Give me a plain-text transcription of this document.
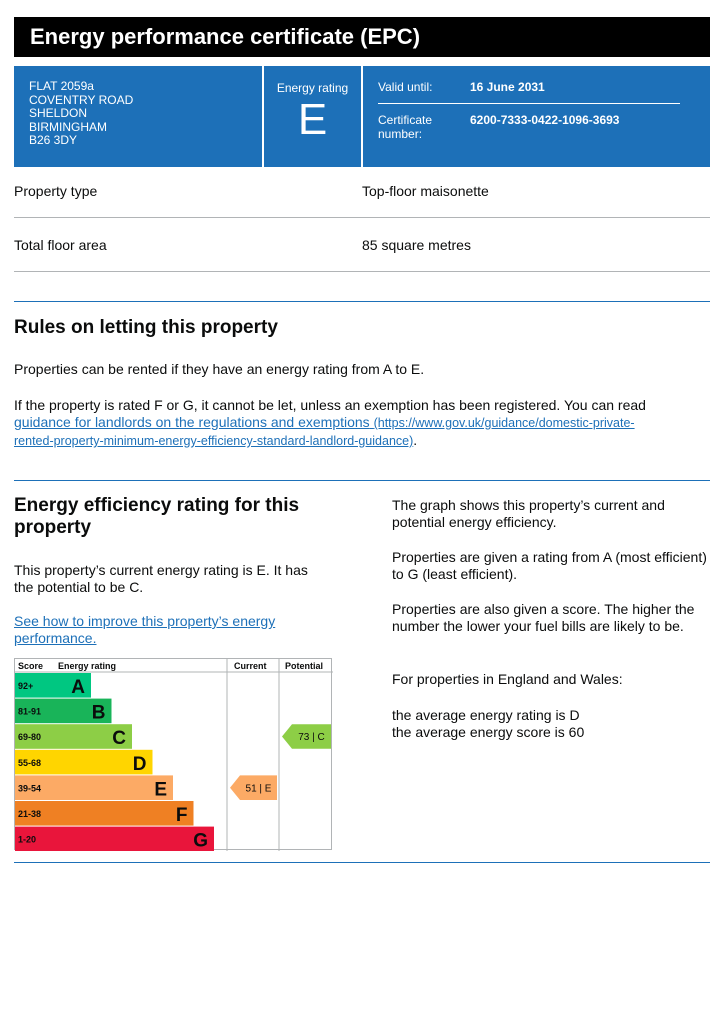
Energy performance certificate (EPC)
FLAT 2059a
COVENTRY ROAD
SHELDON
BIRMINGHAM
B26 3DY
Energy rating
E
Valid until:	16 June 2031
Certificate
number:
6200-7333-0422-1096-3693
Property type	Top-floor maisonette
Total floor area	85 square metres
Rules on letting this property
Properties can be rented if they have an energy rating from A to E.
If the property is rated F or G, it cannot be let, unless an exemption has been registered. You can read
guidance for landlords on the regulations and exemptions (https://www.gov.uk/guidance/domestic-private-
rented-property-minimum-energy-efficiency-standard-landlord-guidance).
Energy efficiency rating for this
property
This property’s current energy rating is E. It has
the potential to be C.
See how to improve this property’s energy
performance.
Score Energy rating	Current Potential
92+ A
81-91	B
69-80	C
55-68	D
39-54	E
21-38	F
1-20	G
51 | E
73 | C
The graph shows this property’s current and potential energy efficiency.
Properties are given a rating from A (most efficient) to G (least efficient).
Properties are also given a score. The higher the number the lower your fuel bills are likely to be.
For properties in England and Wales:
the average energy rating is D
the average energy score is 60
